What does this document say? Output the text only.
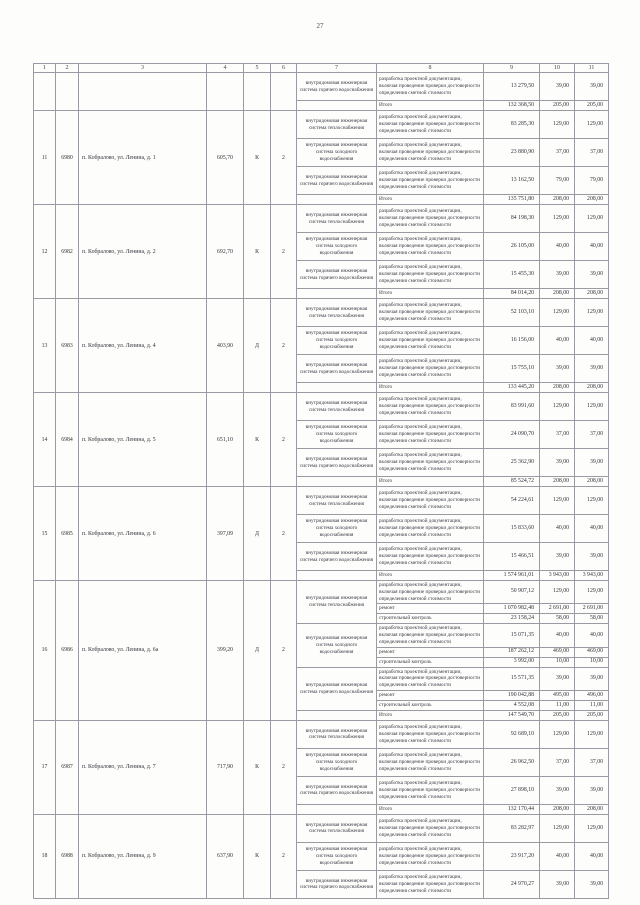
27
1	2	3	4	5	6	7	8	9	10	11
						внутридомовая инженерная система горячего водоснабжения	разработка проектной документации, включая проведение проверки достоверности определения сметной стоимости	13 279,50	39,00	39,00
							Итого	132 368,50	205,00	205,00
11	6980	п. Кобралово, ул. Ленина, д. 1	605,70	К	2	внутридомовая инженерная система теплоснабжения	разработка проектной документации, включая проведение проверки достоверности определения сметной стоимости	83 285,30	129,00	129,00
						внутридомовая инженерная система холодного водоснабжения	разработка проектной документации, включая проведение проверки достоверности определения сметной стоимости	23 880,90	37,00	37,00
						внутридомовая инженерная система горячего водоснабжения	разработка проектной документации, включая проведение проверки достоверности определения сметной стоимости	13 162,50	79,00	79,00
							Итого	135 751,80	208,00	208,00
12	6982	п. Кобралово, ул. Ленина, д. 2	692,70	К	2	внутридомовая инженерная система теплоснабжения	разработка проектной документации, включая проведение проверки достоверности определения сметной стоимости	84 198,30	129,00	129,00
						внутридомовая инженерная система холодного водоснабжения	разработка проектной документации, включая проведение проверки достоверности определения сметной стоимости	26 105,00	40,00	40,00
						внутридомовая инженерная система горячего водоснабжения	разработка проектной документации, включая проведение проверки достоверности определения сметной стоимости	15 455,30	39,00	39,00
							Итого	84 014,20	208,00	208,00
13	6983	п. Кобралово, ул. Ленина, д. 4	403,90	Д	2	внутридомовая инженерная система теплоснабжения	разработка проектной документации, включая проведение проверки достоверности определения сметной стоимости	52 103,10	129,00	129,00
						внутридомовая инженерная система холодного водоснабжения	разработка проектной документации, включая проведение проверки достоверности определения сметной стоимости	16 156,00	40,00	40,00
						внутридомовая инженерная система горячего водоснабжения	разработка проектной документации, включая проведение проверки достоверности определения сметной стоимости	15 755,10	39,00	39,00
							Итого	133 445,20	208,00	208,00
14	6984	п. Кобралово, ул. Ленина, д. 5	651,10	К	2	внутридомовая инженерная система теплоснабжения	разработка проектной документации, включая проведение проверки достоверности определения сметной стоимости	83 991,60	129,00	129,00
						внутридомовая инженерная система холодного водоснабжения	разработка проектной документации, включая проведение проверки достоверности определения сметной стоимости	24 090,70	37,00	37,00
						внутридомовая инженерная система горячего водоснабжения	разработка проектной документации, включая проведение проверки достоверности определения сметной стоимости	25 362,90	39,00	39,00
							Итого	85 524,72	208,00	208,00
15	6985	п. Кобралово, ул. Ленина, д. 6	397,09	Д	2	внутридомовая инженерная система теплоснабжения	разработка проектной документации, включая проведение проверки достоверности определения сметной стоимости	54 224,61	129,00	129,00
						внутридомовая инженерная система холодного водоснабжения	разработка проектной документации, включая проведение проверки достоверности определения сметной стоимости	15 833,60	40,00	40,00
						внутридомовая инженерная система горячего водоснабжения	разработка проектной документации, включая проведение проверки достоверности определения сметной стоимости	15 466,51	39,00	39,00
							Итого	1 574 961,01	3 943,00	3 943,00
16	6986	п. Кобралово, ул. Ленина, д. 6а	399,20	Д	2	внутридомовая инженерная система теплоснабжения	разработка проектной документации, включая проведение проверки достоверности определения сметной стоимости	50 907,12	129,00	129,00
							ремонт	1 070 982,48	2 691,00	2 691,00
							строительный контроль	23 158,24	58,00	58,00
						внутридомовая инженерная система холодного водоснабжения	разработка проектной документации, включая проведение проверки достоверности определения сметной стоимости	15 071,35	40,00	40,00
							ремонт	187 262,12	469,00	469,00
							строительный контроль	3 992,00	10,00	10,00
						внутридомовая инженерная система горячего водоснабжения	разработка проектной документации, включая проведение проверки достоверности определения сметной стоимости	15 571,35	39,00	39,00
							ремонт	190 042,88	495,00	496,00
							строительный контроль	4 552,08	11,00	11,00
							Итого	147 549,70	205,00	205,00
17	6987	п. Кобралово, ул. Ленина, д. 7	717,90	К	2	внутридомовая инженерная система теплоснабжения	разработка проектной документации, включая проведение проверки достоверности определения сметной стоимости	92 689,10	129,00	129,00
						внутридомовая инженерная система холодного водоснабжения	разработка проектной документации, включая проведение проверки достоверности определения сметной стоимости	26 962,50	37,00	37,00
						внутридомовая инженерная система горячего водоснабжения	разработка проектной документации, включая проведение проверки достоверности определения сметной стоимости	27 898,10	39,00	39,00
							Итого	132 170,44	208,00	208,00
18	6988	п. Кобралово, ул. Ленина, д. 9	637,90	К	2	внутридомовая инженерная система теплоснабжения	разработка проектной документации, включая проведение проверки достоверности определения сметной стоимости	83 282,97	129,00	129,00
						внутридомовая инженерная система холодного водоснабжения	разработка проектной документации, включая проведение проверки достоверности определения сметной стоимости	23 917,20	40,00	40,00
						внутридомовая инженерная система горячего водоснабжения	разработка проектной документации, включая проведение проверки достоверности определения сметной стоимости	24 970,27	39,00	39,00
